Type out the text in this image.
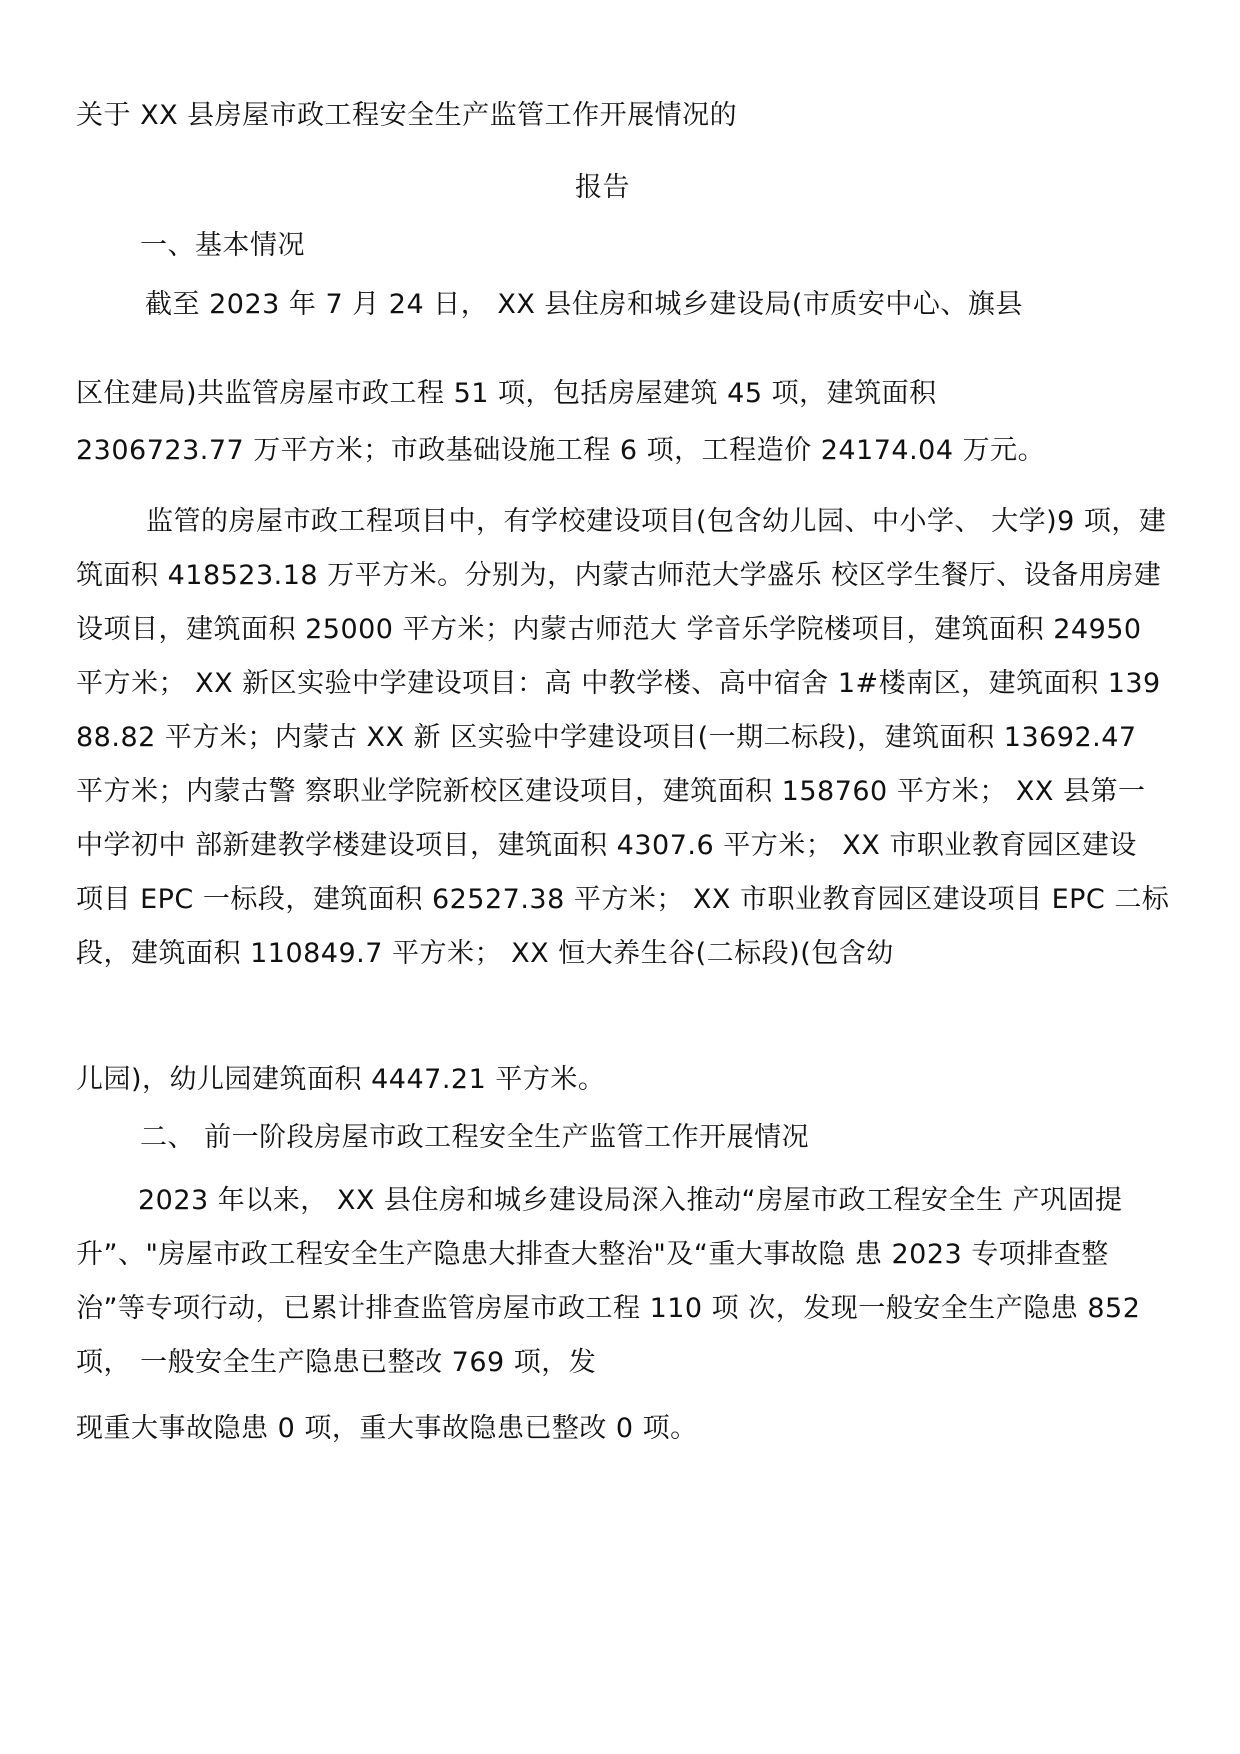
关于 XX 县房屋市政工程安全生产监管工作开展情况的

报告

一、基本情况

截至 2023 年 7 月 24 日， XX 县住房和城乡建设局(市质安中心、旗县

区住建局)共监管房屋市政工程 51 项，包括房屋建筑 45 项，建筑面积

2306723.77 万平方米；市政基础设施工程 6 项，工程造价 24174.04 万元。

监管的房屋市政工程项目中，有学校建设项目(包含幼儿园、中小学、 大学)9 项，建筑面积 418523.18 万平方米。分别为，内蒙古师范大学盛乐 校区学生餐厅、设备用房建设项目，建筑面积 25000 平方米；内蒙古师范大 学音乐学院楼项目，建筑面积 24950 平方米； XX 新区实验中学建设项目：高 中教学楼、高中宿舍 1#楼南区，建筑面积 13988.82 平方米；内蒙古 XX 新 区实验中学建设项目(一期二标段)，建筑面积 13692.47 平方米；内蒙古警 察职业学院新校区建设项目，建筑面积 158760 平方米； XX 县第一 中学初中 部新建教学楼建设项目，建筑面积 4307.6 平方米； XX 市职业教育园区建设 项目 EPC 一标段，建筑面积 62527.38 平方米； XX 市职业教育园区建设项目 EPC 二标段，建筑面积 110849.7 平方米； XX 恒大养生谷(二标段)(包含幼

儿园)，幼儿园建筑面积 4447.21 平方米。

二、 前一阶段房屋市政工程安全生产监管工作开展情况

2023 年以来， XX 县住房和城乡建设局深入推动“房屋市政工程安全生 产巩固提升”、"房屋市政工程安全生产隐患大排查大整治"及“重大事故隐 患 2023 专项排查整治”等专项行动，已累计排查监管房屋市政工程 110 项 次，发现一般安全生产隐患 852 项， 一般安全生产隐患已整改 769 项，发

现重大事故隐患 0 项，重大事故隐患已整改 0 项。
